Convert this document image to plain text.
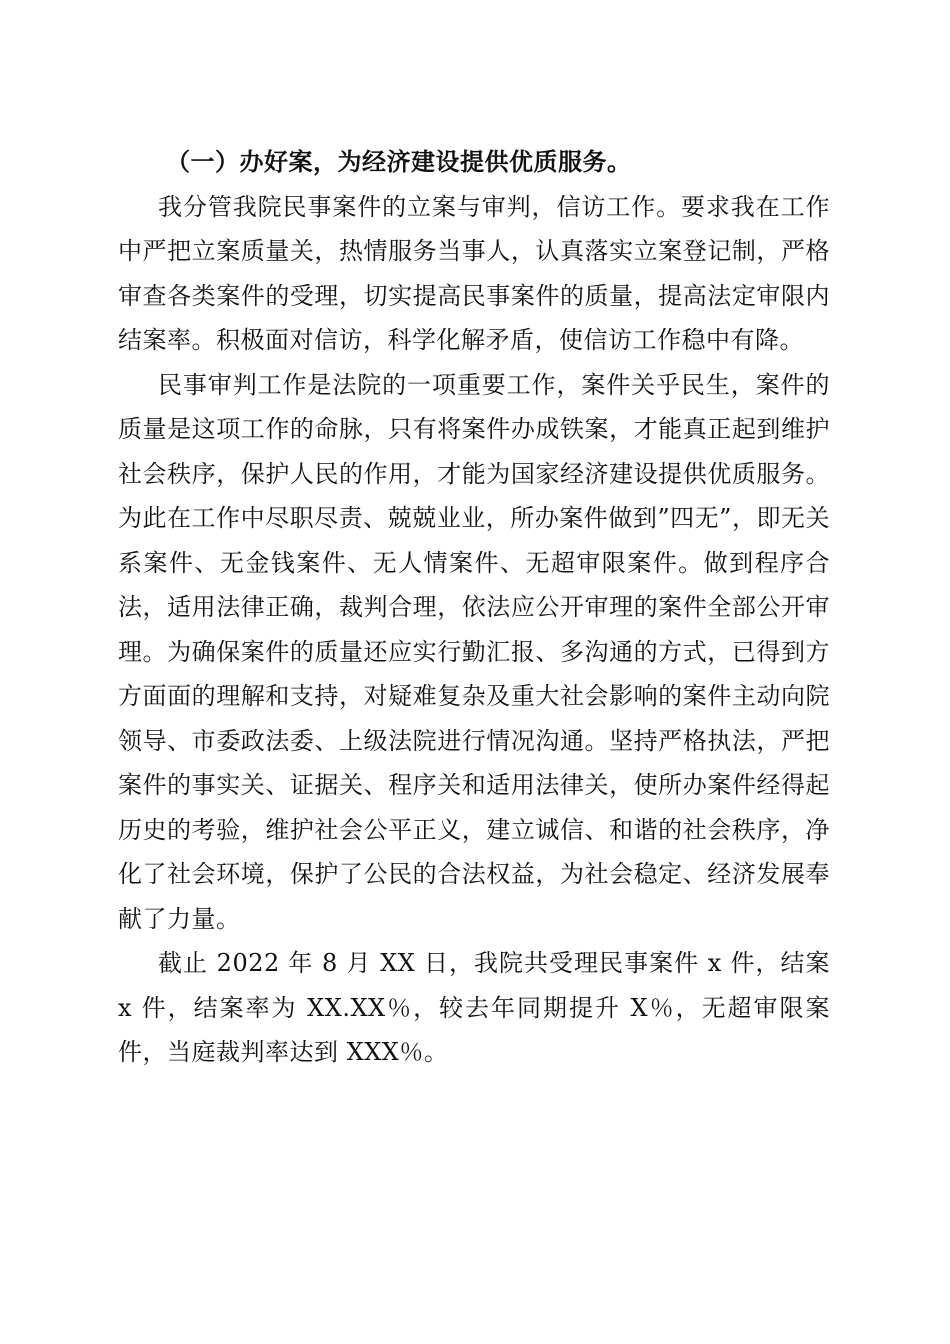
（一）办好案，为经济建设提供优质服务。

我分管我院民事案件的立案与审判，信访工作。要求我在工作中严把立案质量关，热情服务当事人，认真落实立案登记制，严格审查各类案件的受理，切实提高民事案件的质量，提高法定审限内结案率。积极面对信访，科学化解矛盾，使信访工作稳中有降。

民事审判工作是法院的一项重要工作，案件关乎民生，案件的质量是这项工作的命脉，只有将案件办成铁案，才能真正起到维护社会秩序，保护人民的作用，才能为国家经济建设提供优质服务。为此在工作中尽职尽责、兢兢业业，所办案件做到”四无”，即无关系案件、无金钱案件、无人情案件、无超审限案件。做到程序合法，适用法律正确，裁判合理，依法应公开审理的案件全部公开审理。为确保案件的质量还应实行勤汇报、多沟通的方式，已得到方方面面的理解和支持，对疑难复杂及重大社会影响的案件主动向院领导、市委政法委、上级法院进行情况沟通。坚持严格执法，严把案件的事实关、证据关、程序关和适用法律关，使所办案件经得起历史的考验，维护社会公平正义，建立诚信、和谐的社会秩序，净化了社会环境，保护了公民的合法权益，为社会稳定、经济发展奉献了力量。

截止 2022 年 8 月 XX 日，我院共受理民事案件 x 件，结案 x 件，结案率为 XX.XX％，较去年同期提升 X％，无超审限案件，当庭裁判率达到 XXX％。
